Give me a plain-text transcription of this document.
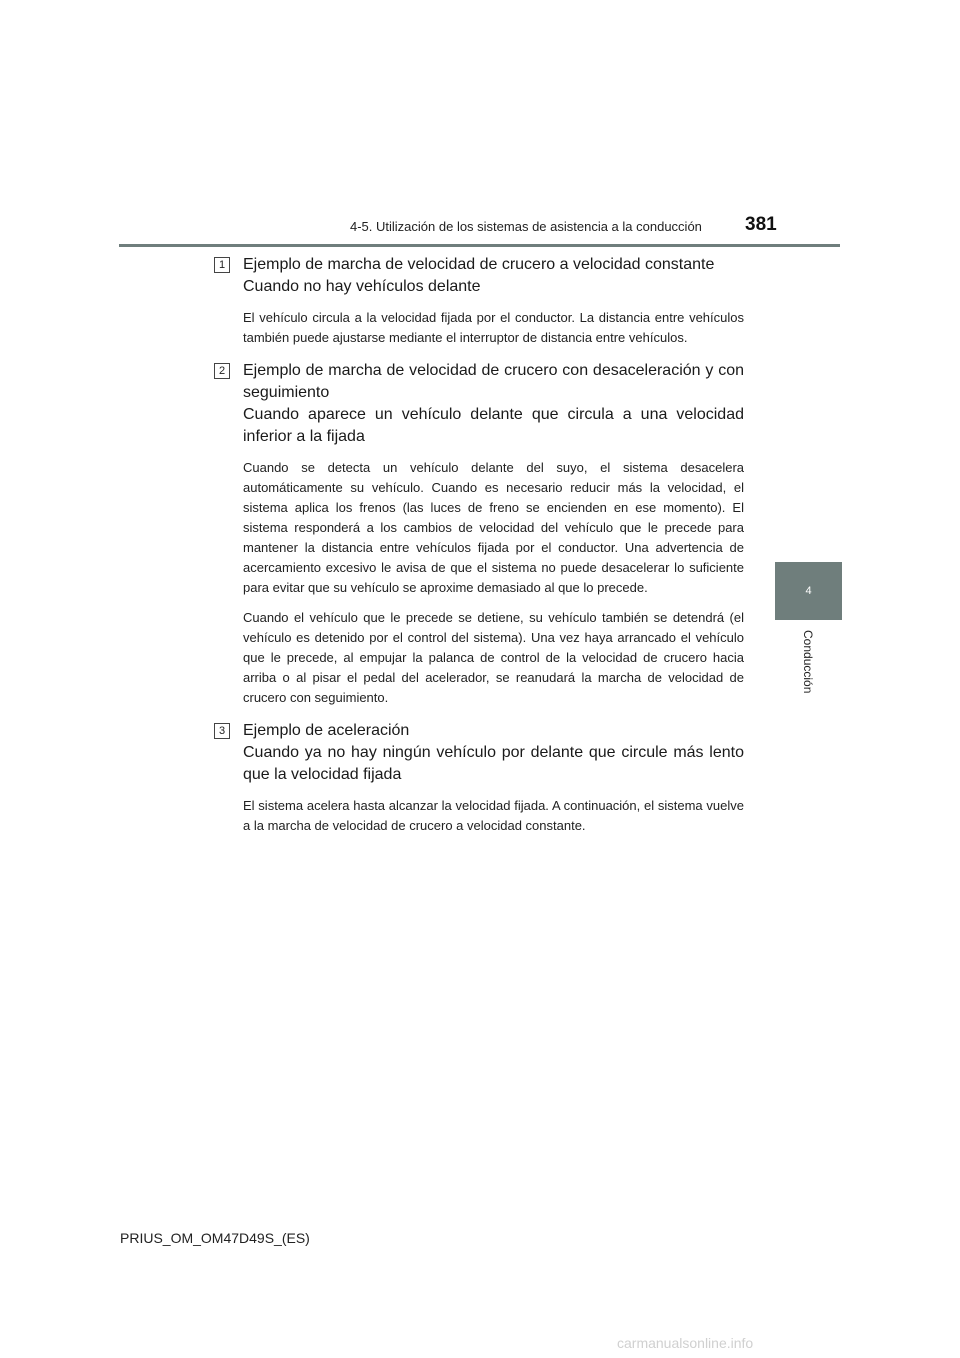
4-5. Utilización de los sistemas de asistencia a la conducción 381
4
Conducción
1	Ejemplo de marcha de velocidad de crucero a velocidad constante
Cuando no hay vehículos delante

El vehículo circula a la velocidad fijada por el conductor. La distancia entre vehículos también puede ajustarse mediante el interruptor de distancia entre vehículos.

2	Ejemplo de marcha de velocidad de crucero con desaceleración y con seguimiento
Cuando aparece un vehículo delante que circula a una velocidad inferior a la fijada

Cuando se detecta un vehículo delante del suyo, el sistema desacelera automáticamente su vehículo. Cuando es necesario reducir más la velocidad, el sistema aplica los frenos (las luces de freno se encienden en ese momento). El sistema responderá a los cambios de velocidad del vehículo que le precede para mantener la distancia entre vehículos fijada por el conductor. Una advertencia de acercamiento excesivo le avisa de que el sistema no puede desacelerar lo suficiente para evitar que su vehículo se aproxime demasiado al que lo precede.

Cuando el vehículo que le precede se detiene, su vehículo también se detendrá (el vehículo es detenido por el control del sistema). Una vez haya arrancado el vehículo que le precede, al empujar la palanca de control de la velocidad de crucero hacia arriba o al pisar el pedal del acelerador, se reanudará la marcha de velocidad de crucero con seguimiento.

3	Ejemplo de aceleración
Cuando ya no hay ningún vehículo por delante que circule más lento que la velocidad fijada

El sistema acelera hasta alcanzar la velocidad fijada. A continuación, el sistema vuelve a la marcha de velocidad de crucero a velocidad constante.

PRIUS_OM_OM47D49S_(ES)
carmanualsonline.info
